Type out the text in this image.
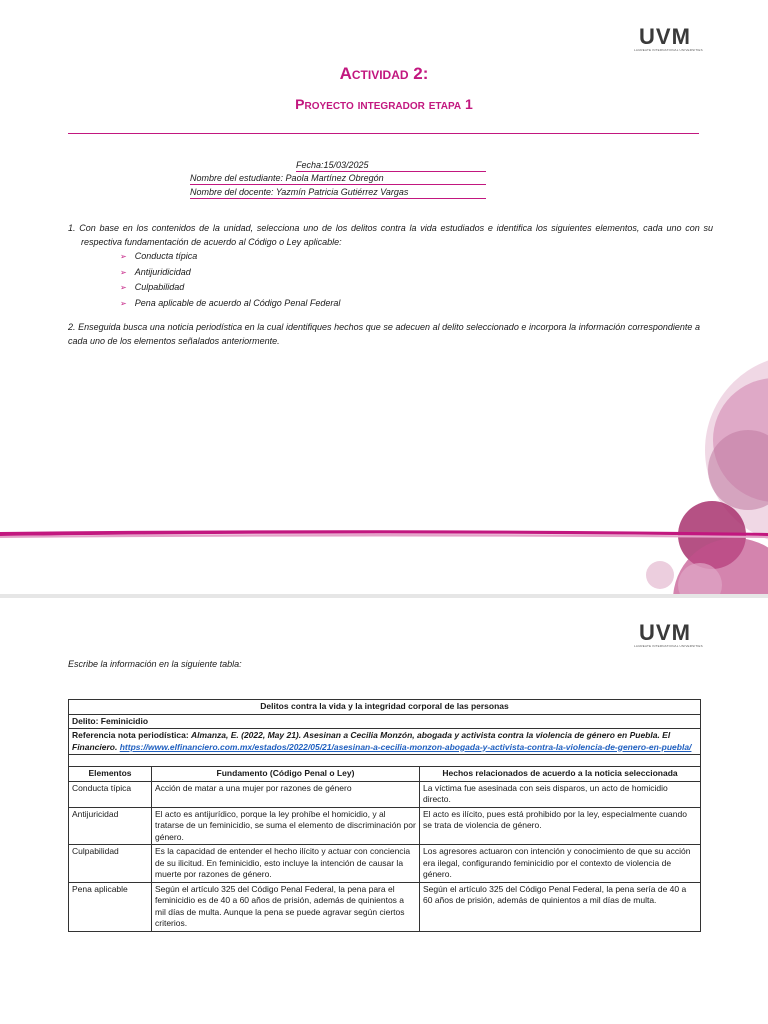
UVM
LAUREATE INTERNATIONAL UNIVERSITIES
Actividad 2:
Proyecto integrador etapa 1
Fecha:15/03/2025
Nombre del estudiante: Paola Martínez Obregón
Nombre del docente: Yazmín Patricia Gutiérrez Vargas

1. Con base en los contenidos de la unidad, selecciona uno de los delitos contra la vida estudiados e identifica los siguientes elementos, cada uno con su respectiva fundamentación de acuerdo al Código o Ley aplicable:

➢ Conducta típica
➢ Antijuridicidad
➢ Culpabilidad
➢ Pena aplicable de acuerdo al Código Penal Federal

2. Enseguida busca una noticia periodística en la cual identifiques hechos que se adecuen al delito seleccionado e incorpora la información correspondiente a cada uno de los elementos señalados anteriormente.

UVM
LAUREATE INTERNATIONAL UNIVERSITIES

Escribe la información en la siguiente tabla:

Delitos contra la vida y la integridad corporal de las personas		
Delito: Feminicidio		
Referencia nota periodística: Almanza, E. (2022, May 21). Asesinan a Cecilia Monzón, abogada y activista contra la violencia de género en Puebla. El Financiero. https://www.elfinanciero.com.mx/estados/2022/05/21/asesinan-a-cecilia-monzon-abogada-y-activista-contra-la-violencia-de-genero-en-puebla/		

Elementos	Fundamento (Código Penal o Ley)	Hechos relacionados de acuerdo a la noticia seleccionada
Conducta típica	Acción de matar a una mujer por razones de género	La víctima fue asesinada con seis disparos, un acto de homicidio directo.
Antijuricidad	El acto es antijurídico, porque la ley prohíbe el homicidio, y al tratarse de un feminicidio, se suma el elemento de discriminación por género.	El acto es ilícito, pues está prohibido por la ley, especialmente cuando se trata de violencia de género.
Culpabilidad	Es la capacidad de entender el hecho ilícito y actuar con conciencia de su ilicitud. En feminicidio, esto incluye la intención de causar la muerte por razones de género.	Los agresores actuaron con intención y conocimiento de que su acción era ilegal, configurando feminicidio por el contexto de violencia de género.
Pena aplicable	Según el artículo 325 del Código Penal Federal, la pena para el feminicidio es de 40 a 60 años de prisión, además de quinientos a mil días de multa. Aunque la pena se puede agravar según ciertos criterios.	Según el artículo 325 del Código Penal Federal, la pena sería de 40 a 60 años de prisión, además de quinientos a mil días de multa.
